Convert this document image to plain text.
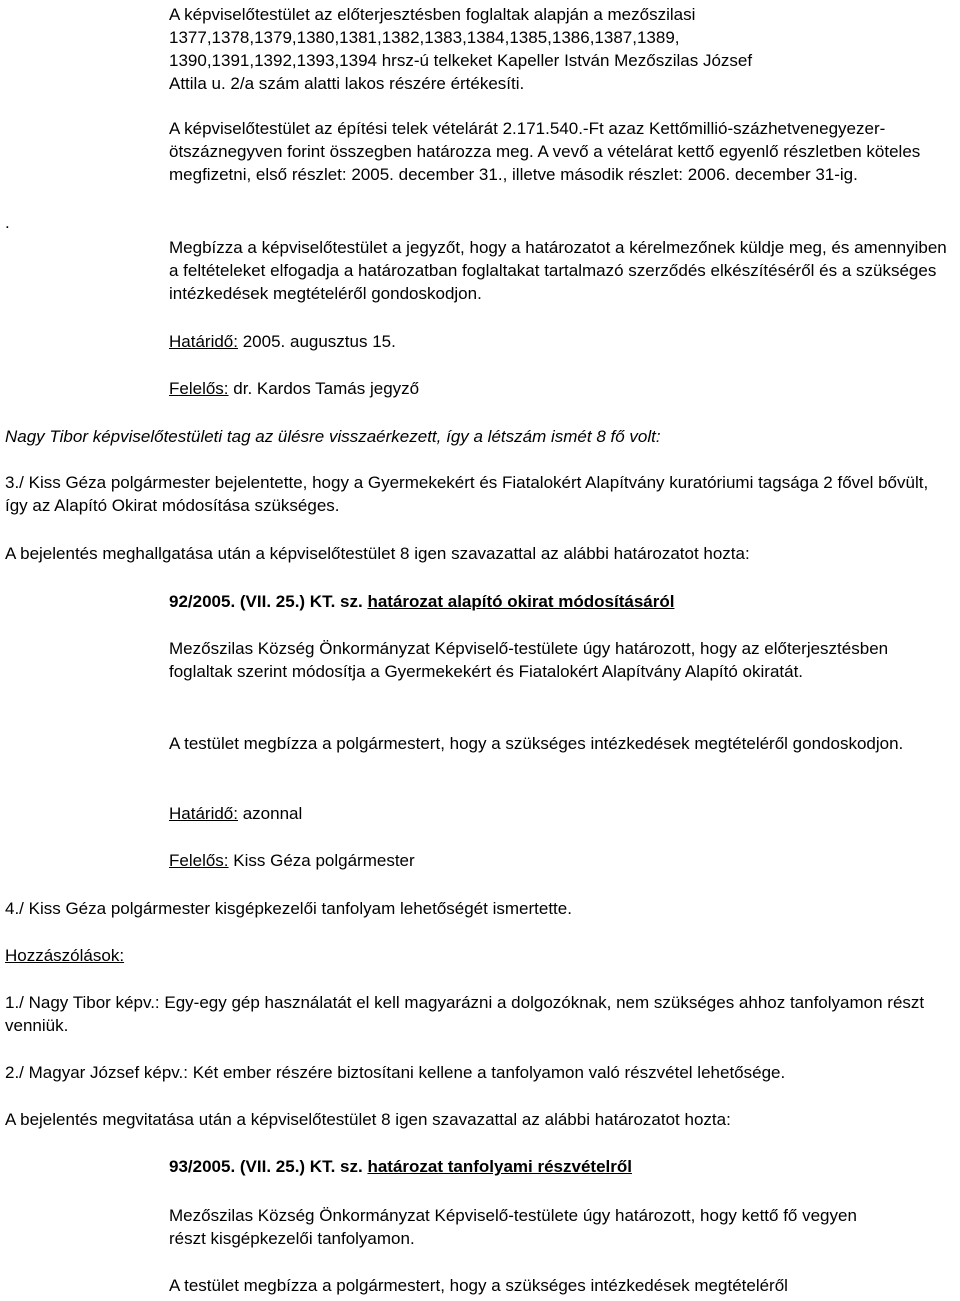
A képviselőtestület az előterjesztésben foglaltak alapján a mezőszilasi 1377,1378,1379,1380,1381,1382,1383,1384,1385,1386,1387,1389, 1390,1391,1392,1393,1394 hrsz-ú telkeket Kapeller István Mezőszilas József Attila u. 2/a szám alatti lakos részére értékesíti.

.

A képviselőtestület az építési telek vételárát 2.171.540.-Ft azaz Kettőmillió-százhetvenegyezer-ötszáznegyven forint összegben határozza meg. A vevő a vételárat kettő egyenlő részletben köteles megfizetni, első részlet: 2005. december 31., illetve második részlet: 2006. december 31-ig.

Megbízza a képviselőtestület a jegyzőt, hogy a határozatot a kérelmezőnek küldje meg, és amennyiben a feltételeket elfogadja a határozatban foglaltakat tartalmazó szerződés elkészítéséről és a szükséges intézkedések megtételéről gondoskodjon.

Határidő: 2005. augusztus 15.

Felelős: dr. Kardos Tamás jegyző

Nagy Tibor képviselőtestületi tag az ülésre visszaérkezett, így a létszám ismét 8 fő volt:

3./ Kiss Géza polgármester bejelentette, hogy a Gyermekekért és Fiatalokért Alapítvány kuratóriumi tagsága 2 fővel bővült, így az Alapító Okirat módosítása szükséges.

A bejelentés meghallgatása után a képviselőtestület 8 igen szavazattal az alábbi határozatot hozta:

92/2005. (VII. 25.) KT. sz. határozat alapító okirat módosításáról

Mezőszilas Község Önkormányzat Képviselő-testülete úgy határozott, hogy az előterjesztésben foglaltak szerint módosítja a Gyermekekért és Fiatalokért Alapítvány Alapító okiratát.

A testület megbízza a polgármestert, hogy a szükséges intézkedések megtételéről gondoskodjon.

Határidő: azonnal

Felelős: Kiss Géza polgármester

4./ Kiss Géza polgármester kisgépkezelői tanfolyam lehetőségét ismertette.

Hozzászólások:

1./ Nagy Tibor képv.: Egy-egy gép használatát el kell magyarázni a dolgozóknak, nem szükséges ahhoz tanfolyamon részt venniük.

2./ Magyar József képv.: Két ember részére biztosítani kellene a tanfolyamon való részvétel lehetősége.

A bejelentés megvitatása után a képviselőtestület 8 igen szavazattal az alábbi határozatot hozta:

93/2005. (VII. 25.) KT. sz. határozat tanfolyami részvételről

Mezőszilas Község Önkormányzat Képviselő-testülete úgy határozott, hogy kettő fő vegyen részt kisgépkezelői tanfolyamon.

A testület megbízza a polgármestert, hogy a szükséges intézkedések megtételéről
